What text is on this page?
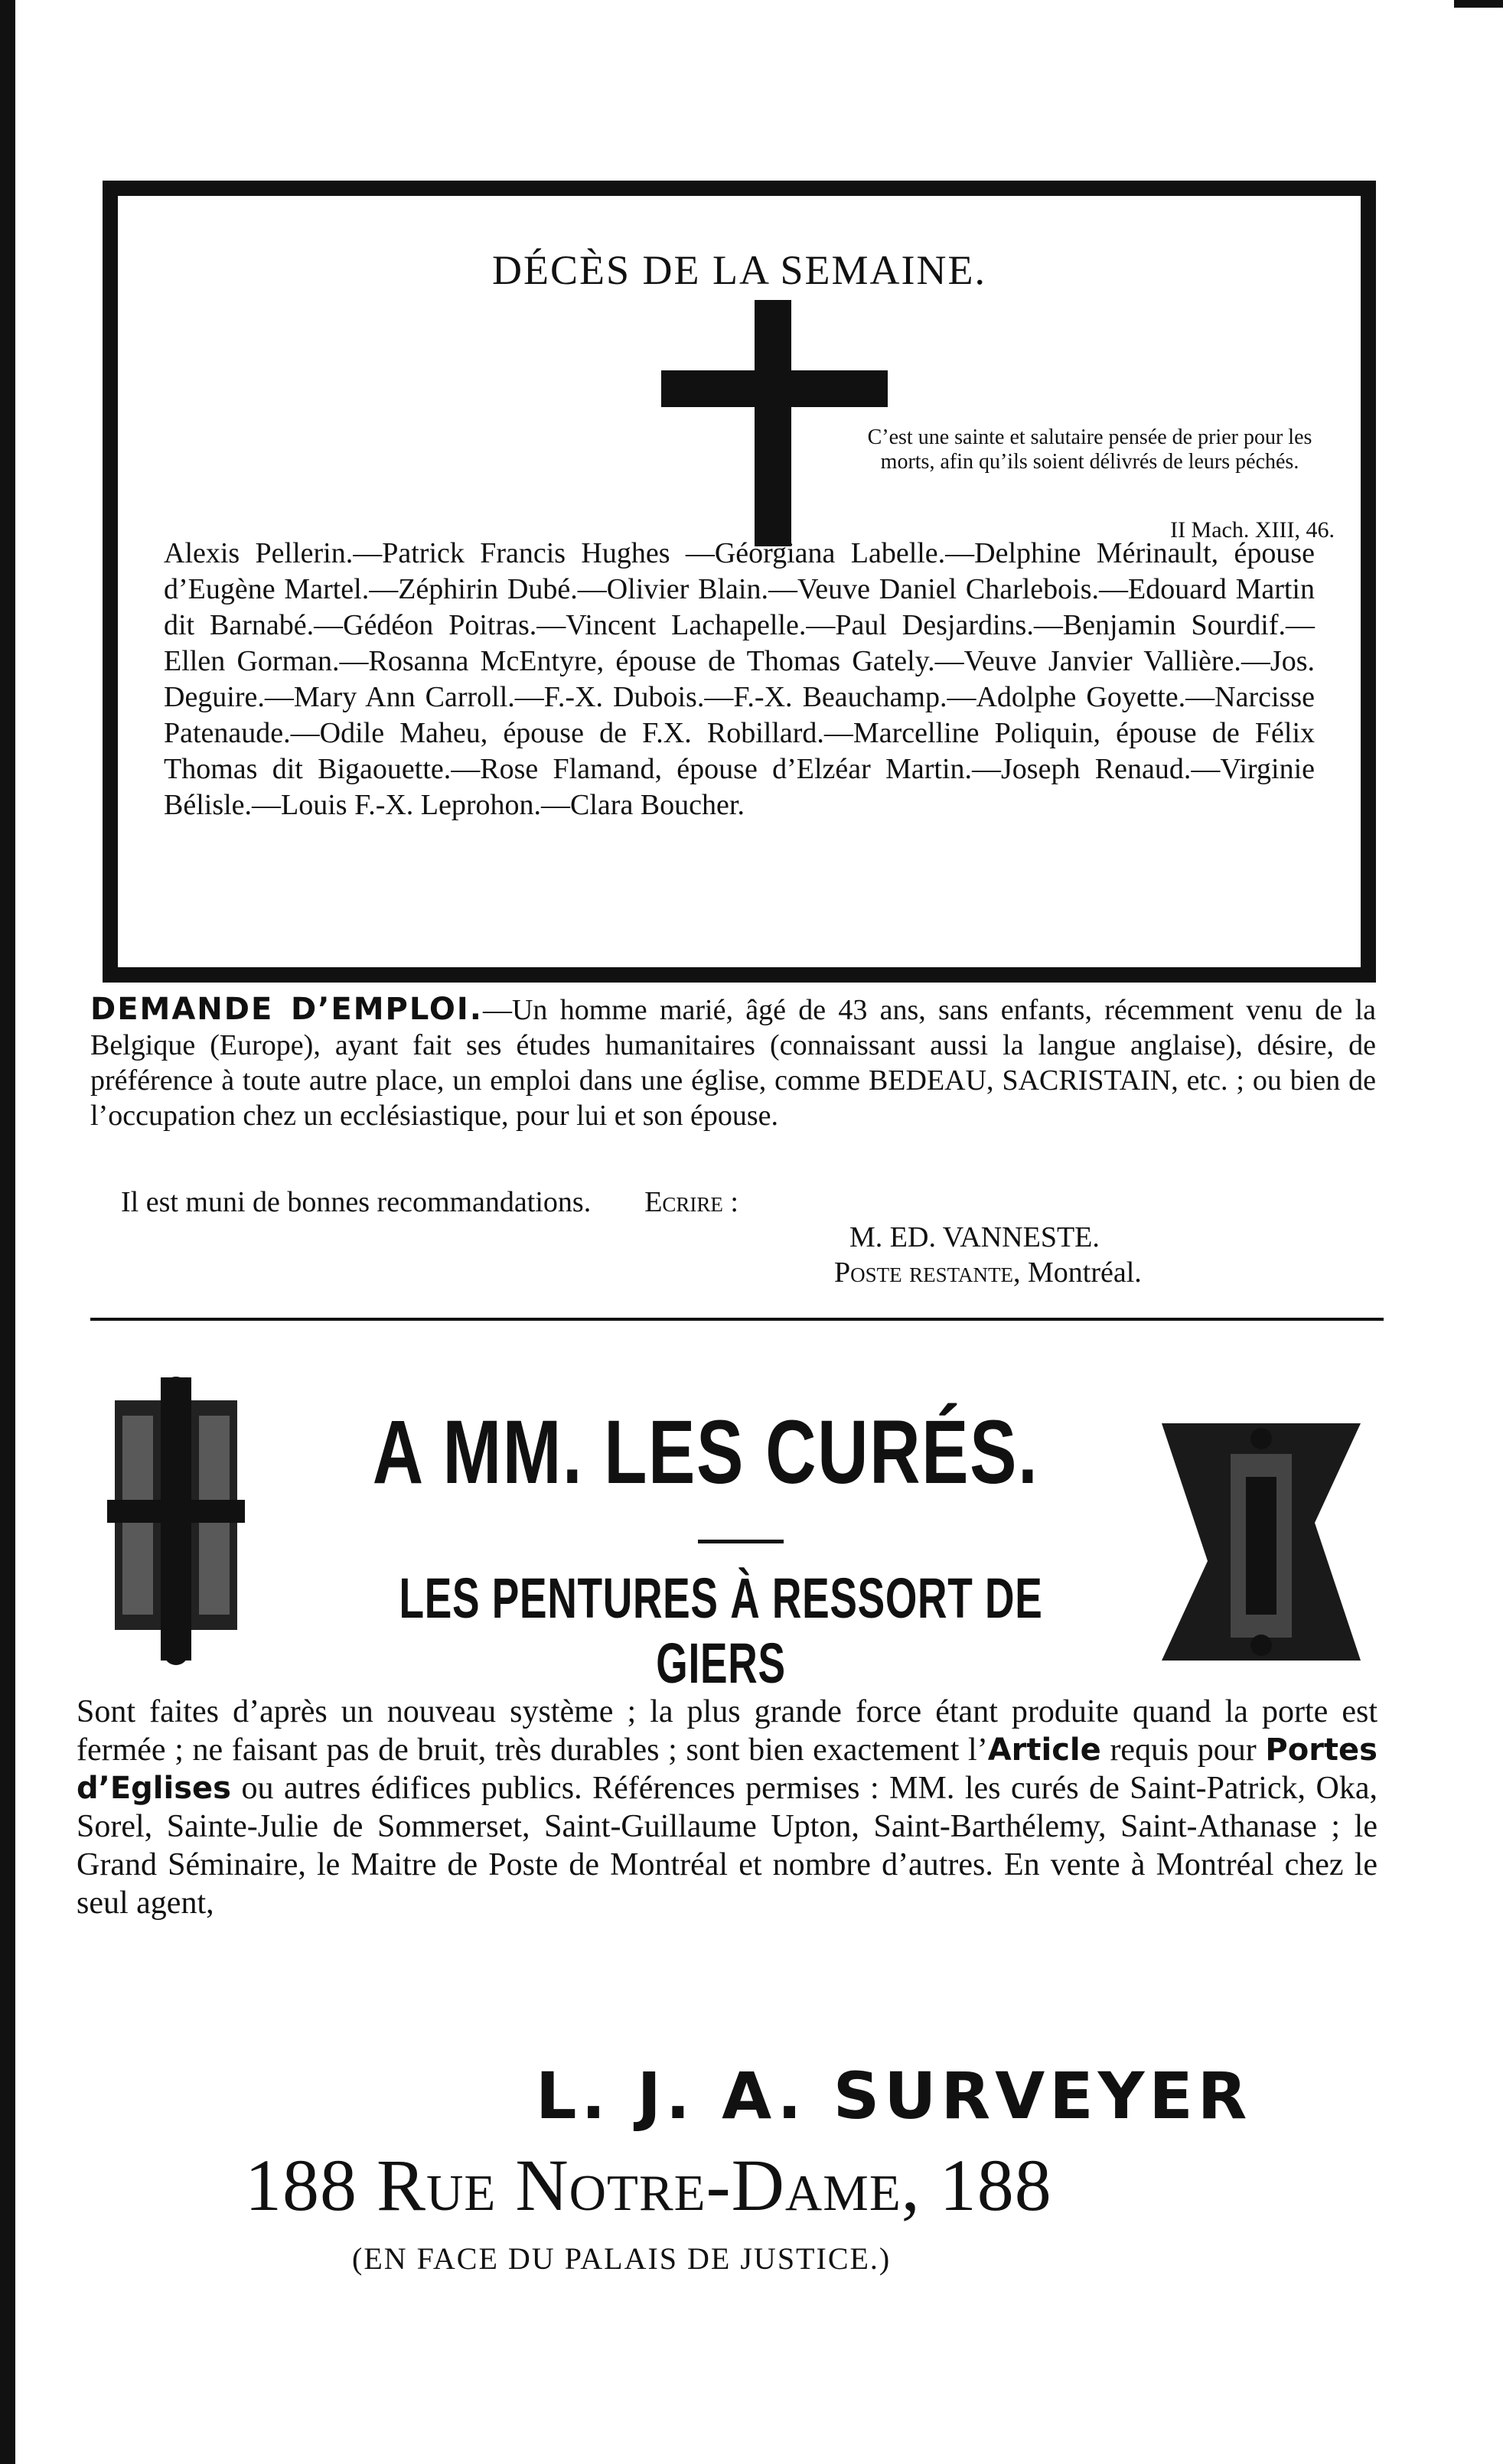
DÉCÈS DE LA SEMAINE.
C’est une sainte et salutaire pensée de prier pour les morts, afin qu’ils soient délivrés de leurs péchés.
II Mach. XIII, 46.
Alexis Pellerin.—Patrick Francis Hughes —Géorgiana Labelle.—Delphine Mérinault, épouse d’Eugène Martel.—Zéphirin Dubé.—Olivier Blain.—Veuve Daniel Charlebois.—Edouard Martin dit Barnabé.—Gédéon Poitras.—Vincent Lachapelle.—Paul Desjardins.—Benjamin Sourdif.—Ellen Gorman.—Rosanna McEntyre, épouse de Thomas Gately.—Veuve Janvier Vallière.—Jos. Deguire.—Mary Ann Carroll.—F.-X. Dubois.—F.-X. Beauchamp.—Adolphe Goyette.—Narcisse Patenaude.—Odile Maheu, épouse de F.X. Robillard.—Marcelline Poliquin, épouse de Félix Thomas dit Bigaouette.—Rose Flamand, épouse d’Elzéar Martin.—Joseph Renaud.—Virginie Bélisle.—Louis F.-X. Leprohon.—Clara Boucher.
DEMANDE D’EMPLOI.—Un homme marié, âgé de 43 ans, sans enfants, récemment venu de la Belgique (Europe), ayant fait ses études humanitaires (connaissant aussi la langue anglaise), désire, de préférence à toute autre place, un emploi dans une église, comme BEDEAU, SACRISTAIN, etc. ; ou bien de l’occupation chez un ecclésiastique, pour lui et son épouse.
Il est muni de bonnes recommandations. Ecrire :
M. ED. VANNESTE.
Poste restante, Montréal.
A MM. LES CURÉS.
LES PENTURES À RESSORT DE GIERS
Sont faites d’après un nouveau système ; la plus grande force étant produite quand la porte est fermée ; ne faisant pas de bruit, très durables ; sont bien exactement l’Article requis pour Portes d’Eglises ou autres édifices publics. Références permises : MM. les curés de Saint-Patrick, Oka, Sorel, Sainte-Julie de Sommerset, Saint-Guillaume Upton, Saint-Barthélemy, Saint-Athanase ; le Grand Séminaire, le Maitre de Poste de Montréal et nombre d’autres. En vente à Montréal chez le seul agent,
L. J. A. SURVEYER
188 Rue Notre-Dame, 188
(EN FACE DU PALAIS DE JUSTICE.)
